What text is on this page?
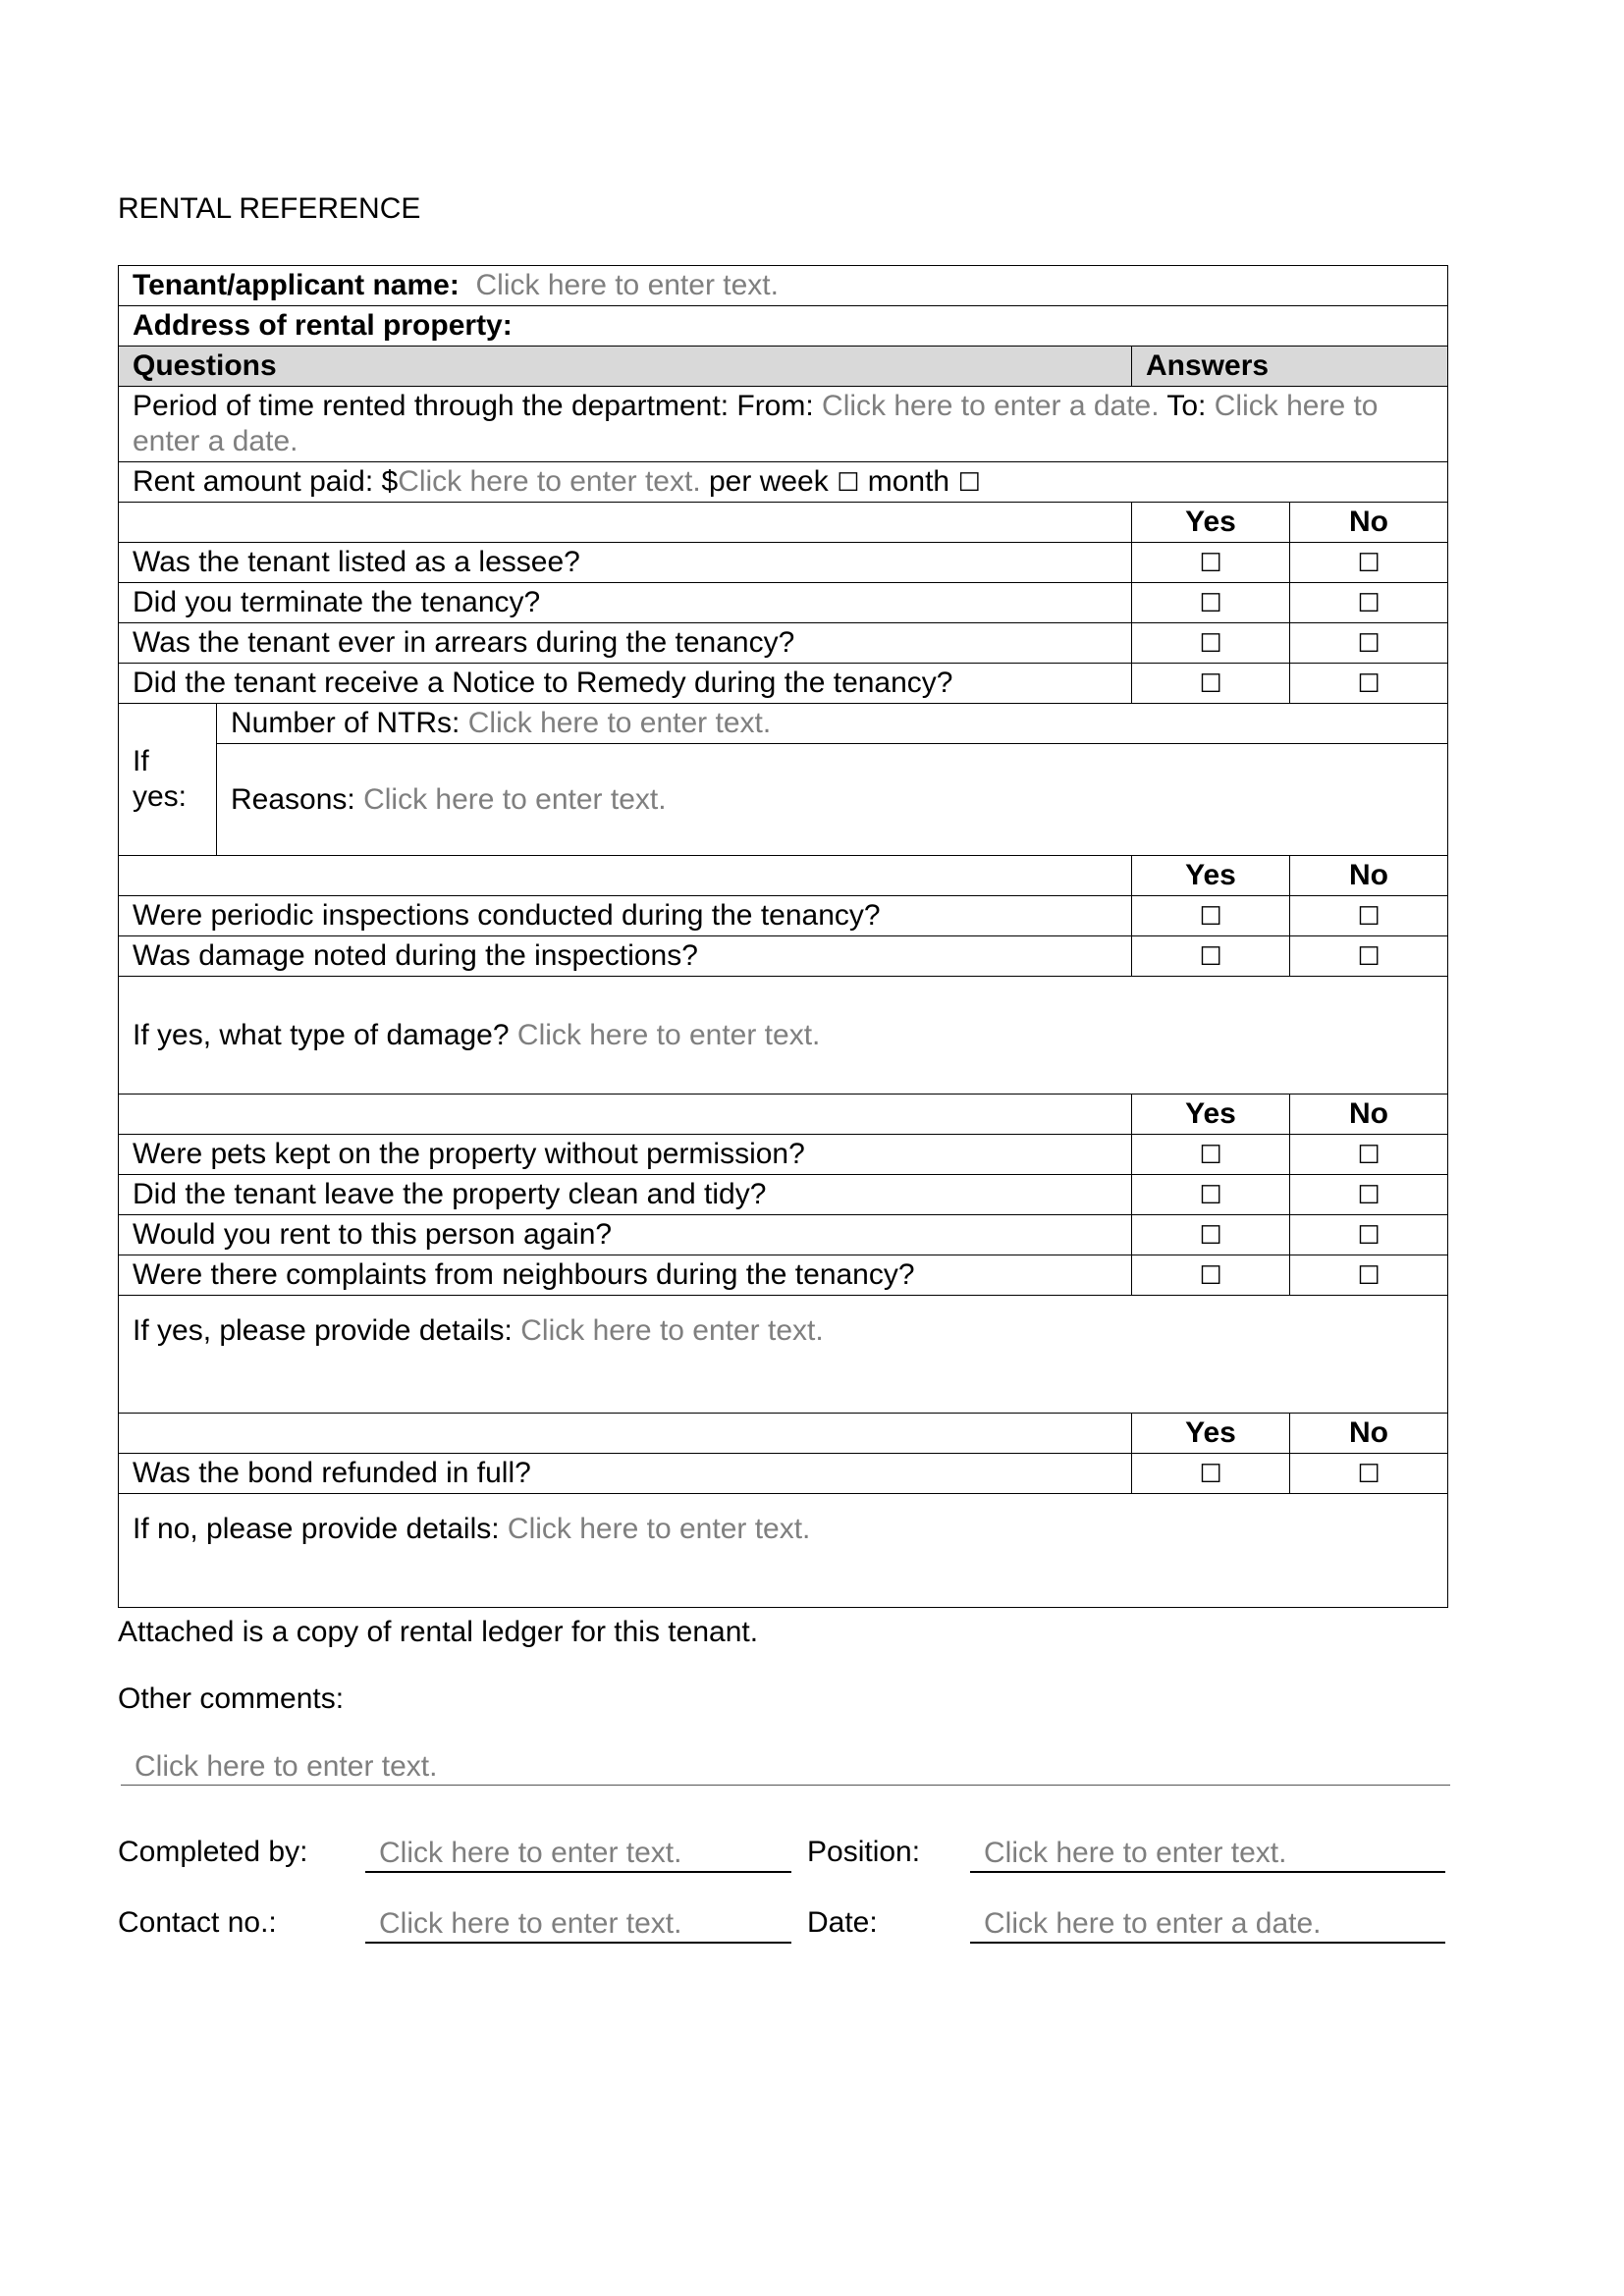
RENTAL REFERENCE
Tenant/applicant name: Click here to enter text.			
Address of rental property:			
Questions		Answers	
Period of time rented through the department: From: Click here to enter a date. To: Click here to enter a date.			
Rent amount paid: $Click here to enter text. per week ☐ month ☐			
		Yes	No
Was the tenant listed as a lessee?		☐	☐
Did you terminate the tenancy?		☐	☐
Was the tenant ever in arrears during the tenancy?		☐	☐
Did the tenant receive a Notice to Remedy during the tenancy?		☐	☐
If yes:	Number of NTRs: Click here to enter text.		
	Reasons: Click here to enter text.		
		Yes	No
Were periodic inspections conducted during the tenancy?		☐	☐
Was damage noted during the inspections?		☐	☐
If yes, what type of damage? Click here to enter text.			
		Yes	No
Were pets kept on the property without permission?		☐	☐
Did the tenant leave the property clean and tidy?		☐	☐
Would you rent to this person again?		☐	☐
Were there complaints from neighbours during the tenancy?		☐	☐
If yes, please provide details: Click here to enter text.			
		Yes	No
Was the bond refunded in full?		☐	☐
If no, please provide details: Click here to enter text.			
Attached is a copy of rental ledger for this tenant.
Other comments:
Click here to enter text.
Completed by:	Click here to enter text.	Position:	Click here to enter text.
Contact no.:	Click here to enter text.	Date:	Click here to enter a date.
